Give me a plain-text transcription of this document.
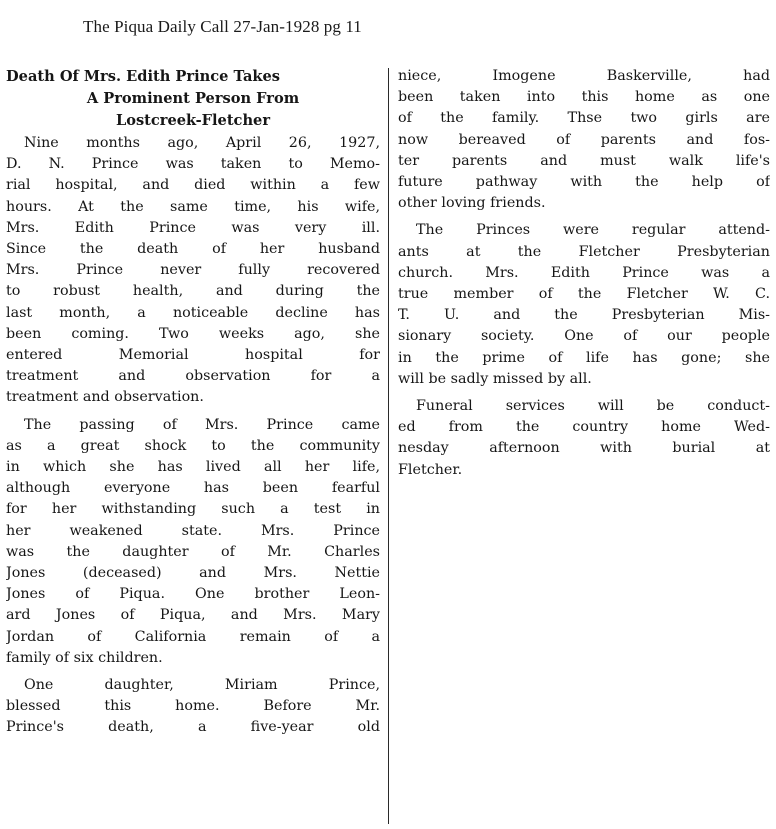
The Piqua Daily Call 27-Jan-1928 pg 11
Death Of Mrs. Edith Prince Takes
A Prominent Person From
Lostcreek-Fletcher
Nine months ago, April 26, 1927,
D. N. Prince was taken to Memo-
rial hospital, and died within a few
hours. At the same time, his wife,
Mrs. Edith Prince was very ill.
Since the death of her husband
Mrs. Prince never fully recovered
to robust health, and during the
last month, a noticeable decline has
been coming. Two weeks ago, she
entered Memorial hospital for
treatment and observation for a
treatment and observation.
The passing of Mrs. Prince came
as a great shock to the community
in which she has lived all her life,
although everyone has been fearful
for her withstanding such a test in
her weakened state. Mrs. Prince
was the daughter of Mr. Charles
Jones (deceased) and Mrs. Nettie
Jones of Piqua. One brother Leon-
ard Jones of Piqua, and Mrs. Mary
Jordan of California remain of a
family of six children.
One daughter, Miriam Prince,
blessed this home. Before Mr.
Prince's death, a five-year old
niece, Imogene Baskerville, had
been taken into this home as one
of the family. Thse two girls are
now bereaved of parents and fos-
ter parents and must walk life's
future pathway with the help of
other loving friends.
The Princes were regular attend-
ants at the Fletcher Presbyterian
church. Mrs. Edith Prince was a
true member of the Fletcher W. C.
T. U. and the Presbyterian Mis-
sionary society. One of our people
in the prime of life has gone; she
will be sadly missed by all.
Funeral services will be conduct-
ed from the country home Wed-
nesday afternoon with burial at
Fletcher.
